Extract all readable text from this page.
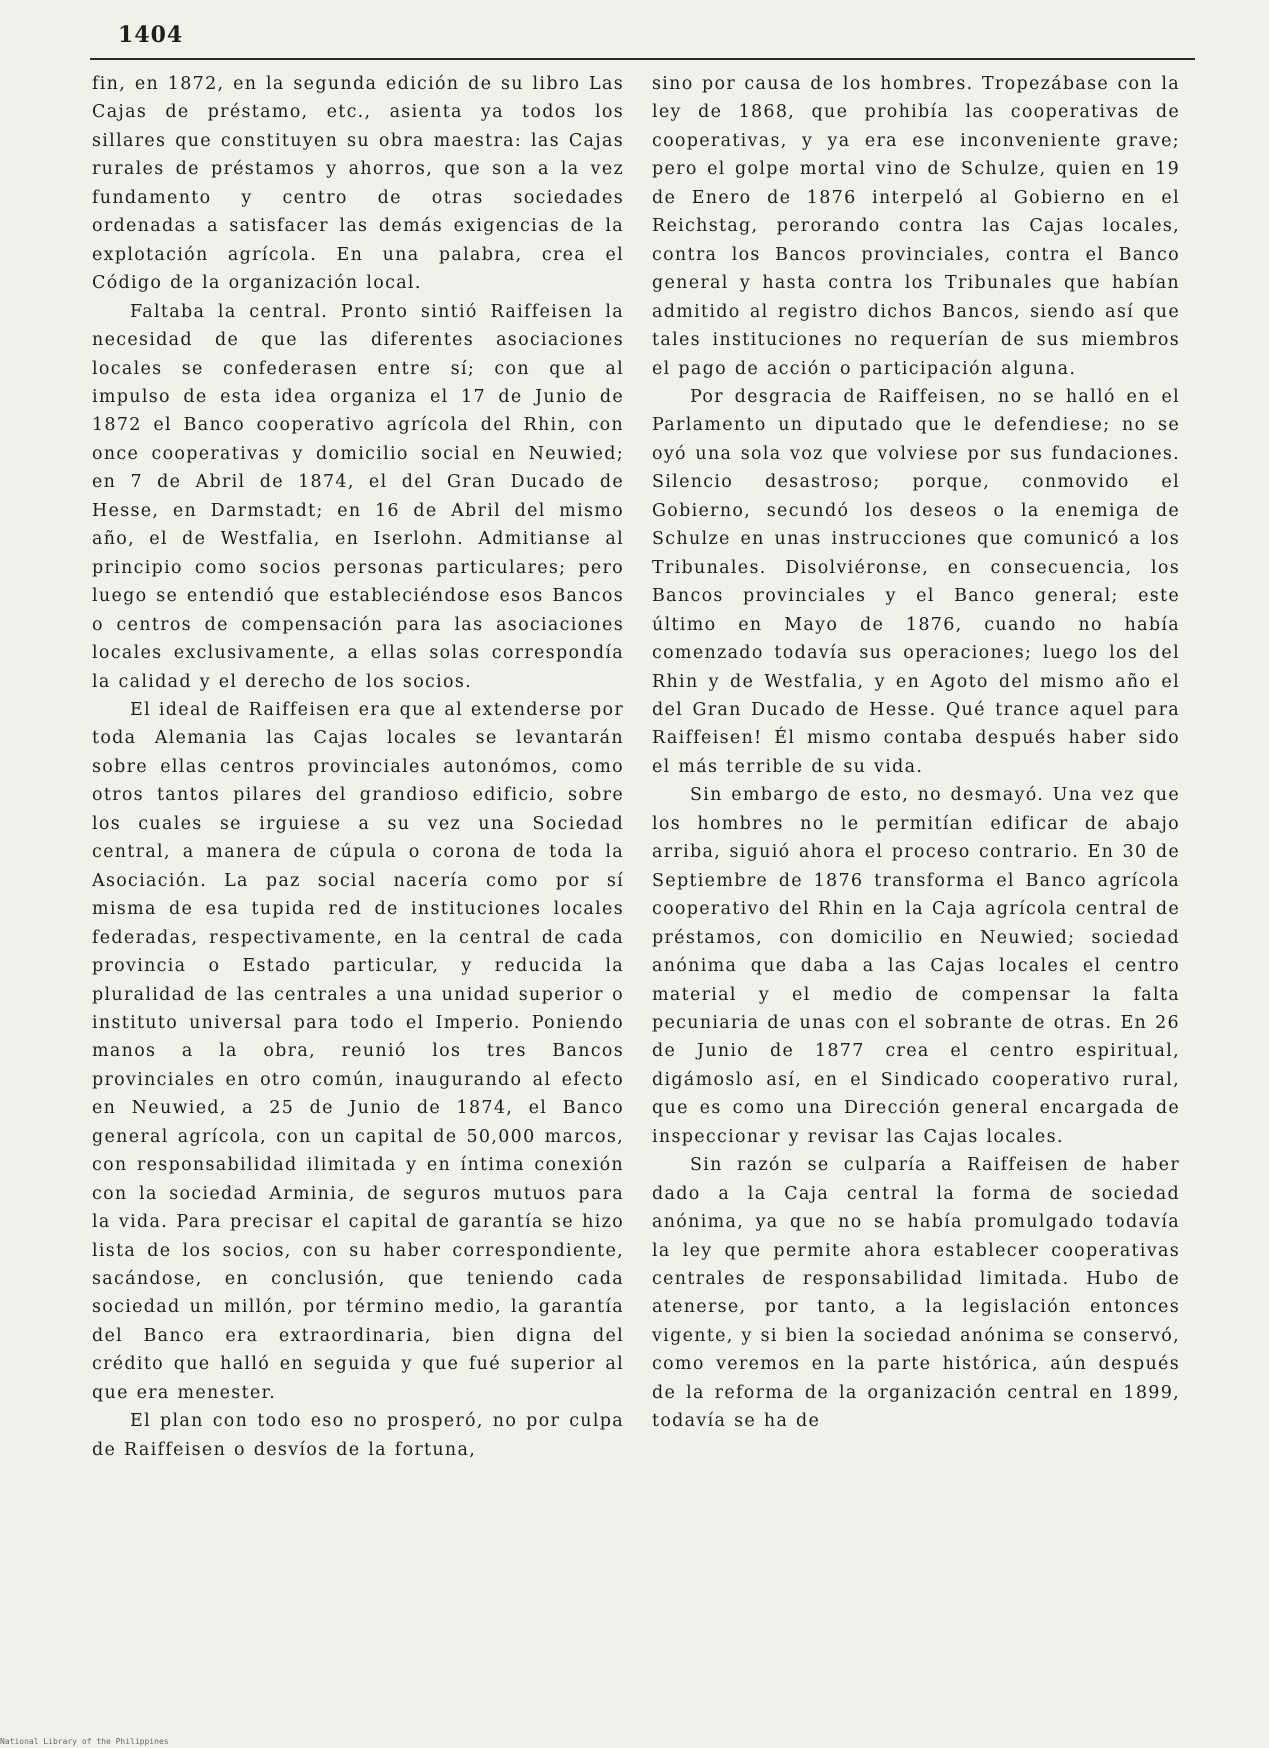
1404

fin, en 1872, en la segunda edición de su libro Las Cajas de préstamo, etc., asienta ya todos los sillares que constituyen su obra maestra: las Cajas rurales de préstamos y ahorros, que son a la vez fundamento y centro de otras sociedades ordenadas a satisfacer las demás exigencias de la explotación agrícola. En una palabra, crea el Código de la organización local.

Faltaba la central. Pronto sintió Raiffeisen la necesidad de que las diferentes asociaciones locales se confederasen entre sí; con que al impulso de esta idea organiza el 17 de Junio de 1872 el Banco cooperativo agrícola del Rhin, con once cooperativas y domicilio social en Neuwied; en 7 de Abril de 1874, el del Gran Ducado de Hesse, en Darmstadt; en 16 de Abril del mismo año, el de Westfalia, en Iserlohn. Admitianse al principio como socios personas particulares; pero luego se entendió que estableciéndose esos Bancos o centros de compensación para las asociaciones locales exclusivamente, a ellas solas correspondía la calidad y el derecho de los socios.

El ideal de Raiffeisen era que al extenderse por toda Alemania las Cajas locales se levantarán sobre ellas centros provinciales autonómos, como otros tantos pilares del grandioso edificio, sobre los cuales se irguiese a su vez una Sociedad central, a manera de cúpula o corona de toda la Asociación. La paz social nacería como por sí misma de esa tupida red de instituciones locales federadas, respectivamente, en la central de cada provincia o Estado particular, y reducida la pluralidad de las centrales a una unidad superior o instituto universal para todo el Imperio. Poniendo manos a la obra, reunió los tres Bancos provinciales en otro común, inaugurando al efecto en Neuwied, a 25 de Junio de 1874, el Banco general agrícola, con un capital de 50,000 marcos, con responsabilidad ilimitada y en íntima conexión con la sociedad Arminia, de seguros mutuos para la vida. Para precisar el capital de garantía se hizo lista de los socios, con su haber correspondiente, sacándose, en conclusión, que teniendo cada sociedad un millón, por término medio, la garantía del Banco era extraordinaria, bien digna del crédito que halló en seguida y que fué superior al que era menester.

El plan con todo eso no prosperó, no por culpa de Raiffeisen o desvíos de la fortuna,

sino por causa de los hombres. Tropezábase con la ley de 1868, que prohibía las cooperativas de cooperativas, y ya era ese inconveniente grave; pero el golpe mortal vino de Schulze, quien en 19 de Enero de 1876 interpeló al Gobierno en el Reichstag, perorando contra las Cajas locales, contra los Bancos provinciales, contra el Banco general y hasta contra los Tribunales que habían admitido al registro dichos Bancos, siendo así que tales instituciones no requerían de sus miembros el pago de acción o participación alguna.

Por desgracia de Raiffeisen, no se halló en el Parlamento un diputado que le defendiese; no se oyó una sola voz que volviese por sus fundaciones. Silencio desastroso; porque, conmovido el Gobierno, secundó los deseos o la enemiga de Schulze en unas instrucciones que comunicó a los Tribunales. Disolviéronse, en consecuencia, los Bancos provinciales y el Banco general; este último en Mayo de 1876, cuando no había comenzado todavía sus operaciones; luego los del Rhin y de Westfalia, y en Agoto del mismo año el del Gran Ducado de Hesse. Qué trance aquel para Raiffeisen! Él mismo contaba después haber sido el más terrible de su vida.

Sin embargo de esto, no desmayó. Una vez que los hombres no le permitían edificar de abajo arriba, siguió ahora el proceso contrario. En 30 de Septiembre de 1876 transforma el Banco agrícola cooperativo del Rhin en la Caja agrícola central de préstamos, con domicilio en Neuwied; sociedad anónima que daba a las Cajas locales el centro material y el medio de compensar la falta pecuniaria de unas con el sobrante de otras. En 26 de Junio de 1877 crea el centro espiritual, digámoslo así, en el Sindicado cooperativo rural, que es como una Dirección general encargada de inspeccionar y revisar las Cajas locales.

Sin razón se culparía a Raiffeisen de haber dado a la Caja central la forma de sociedad anónima, ya que no se había promulgado todavía la ley que permite ahora establecer cooperativas centrales de responsabilidad limitada. Hubo de atenerse, por tanto, a la legislación entonces vigente, y si bien la sociedad anónima se conservó, como veremos en la parte histórica, aún después de la reforma de la organización central en 1899, todavía se ha de

National Library of the Philippines
